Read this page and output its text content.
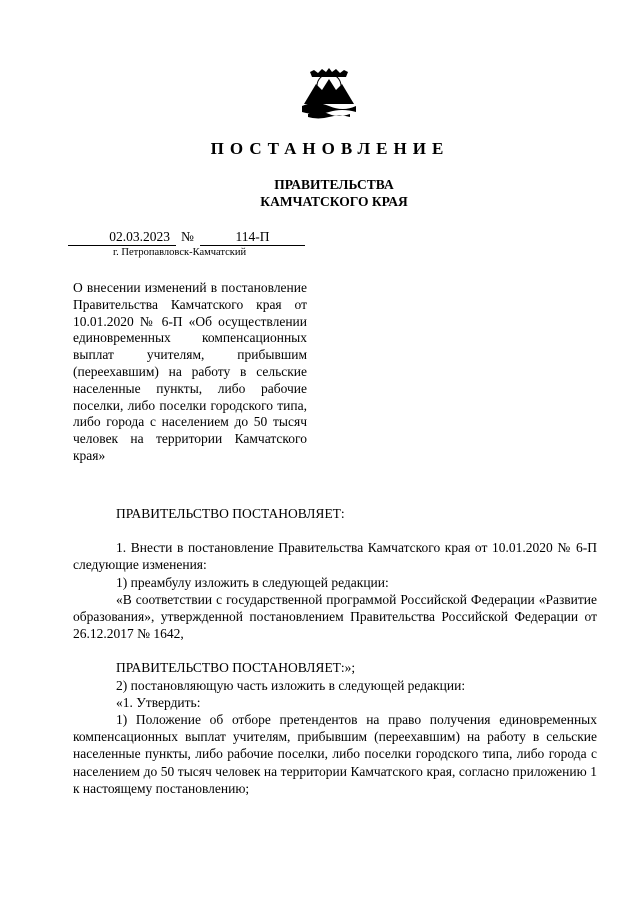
ПОСТАНОВЛЕНИЕ
ПРАВИТЕЛЬСТВА
КАМЧАТСКОГО КРАЯ
02.03.2023 №	114-П
г. Петропавловск-Камчатский
О внесении изменений в постановление Правительства Камчатского края от 10.01.2020 № 6-П «Об осуществлении единовременных компенсационных выплат учителям, прибывшим (переехавшим) на работу в сельские населенные пункты, либо рабочие поселки, либо поселки городского типа, либо города с населением до 50 тысяч человек на территории Камчатского края»

ПРАВИТЕЛЬСТВО ПОСТАНОВЛЯЕТ:

1. Внести в постановление Правительства Камчатского края от 10.01.2020 № 6-П следующие изменения:

1) преамбулу изложить в следующей редакции:

«В соответствии с государственной программой Российской Федерации «Развитие образования», утвержденной постановлением Правительства Российской Федерации от 26.12.2017 № 1642,

ПРАВИТЕЛЬСТВО ПОСТАНОВЛЯЕТ:»;

2) постановляющую часть изложить в следующей редакции:

«1. Утвердить:

1) Положение об отборе претендентов на право получения единовременных компенсационных выплат учителям, прибывшим (переехавшим) на работу в сельские населенные пункты, либо рабочие поселки, либо поселки городского типа, либо города с населением до 50 тысяч человек на территории Камчатского края, согласно приложению 1 к настоящему постановлению;
